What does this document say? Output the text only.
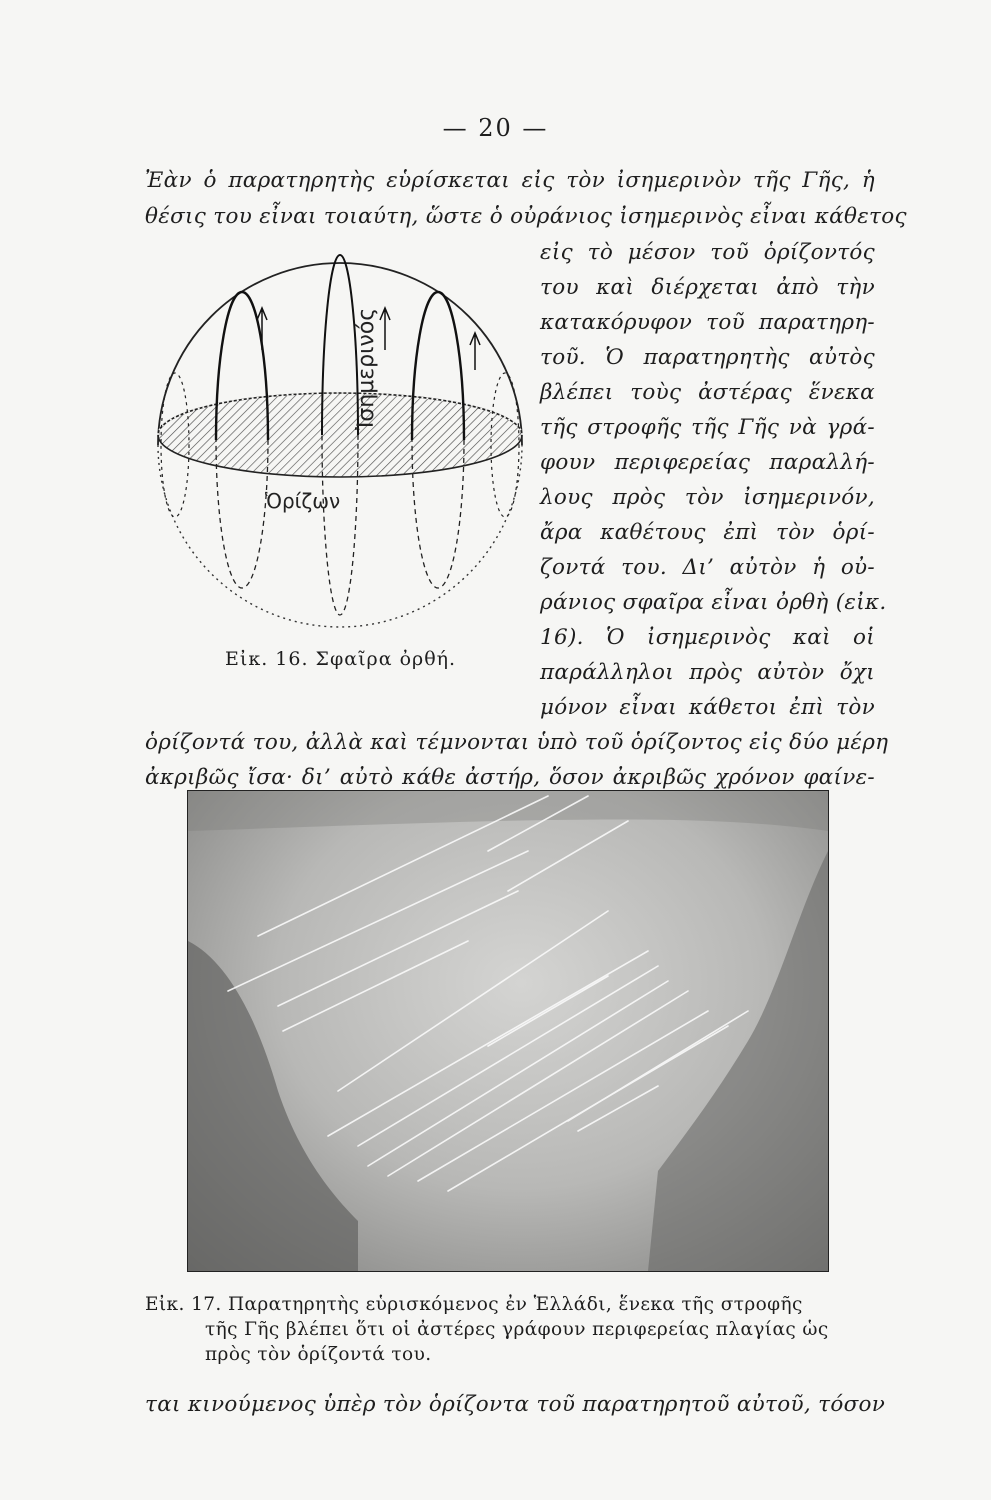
— 20 —
Ἐὰν ὁ παρατηρητὴς εὑρίσκεται εἰς τὸν ἰσημερινὸν τῆς Γῆς, ἡ
θέσις του εἶναι τοιαύτη, ὥστε ὁ οὐράνιος ἰσημερινὸς εἶναι κάθετος
εἰς τὸ μέσον τοῦ ὁρίζοντός
του καὶ διέρχεται ἀπὸ τὴν
κατακόρυφον τοῦ παρατηρη-
τοῦ. Ὁ παρατηρητὴς αὐτὸς
βλέπει τοὺς ἀστέρας ἕνεκα
τῆς στροφῆς τῆς Γῆς νὰ γρά-
φουν περιφερείας παραλλή-
λους πρὸς τὸν ἰσημερινόν,
ἄρα καθέτους ἐπὶ τὸν ὁρί-
ζοντά του. Δι’ αὐτὸν ἡ οὐ-
ράνιος σφαῖρα εἶναι ὀρθὴ (εἰκ.
16). Ὁ ἰσημερινὸς καὶ οἱ
παράλληλοι πρὸς αὐτὸν ὄχι
μόνον εἶναι κάθετοι ἐπὶ τὸν
ὁρίζοντά του, ἀλλὰ καὶ τέμνονται ὑπὸ τοῦ ὁρίζοντος εἰς δύο μέρη
ἀκριβῶς ἴσα· δι’ αὐτὸ κάθε ἀστήρ, ὅσον ἀκριβῶς χρόνον φαίνε-
Ἰσημερινός
Ὁρίζων
Εἰκ. 16. Σφαῖρα ὀρθή.
Εἰκ. 17. Παρατηρητὴς εὑρισκόμενος ἐν Ἑλλάδι, ἕνεκα τῆς στροφῆς
τῆς Γῆς βλέπει ὅτι οἱ ἀστέρες γράφουν περιφερείας πλαγίας ὡς
πρὸς τὸν ὁρίζοντά του.
ται κινούμενος ὑπὲρ τὸν ὁρίζοντα τοῦ παρατηρητοῦ αὐτοῦ, τόσον
